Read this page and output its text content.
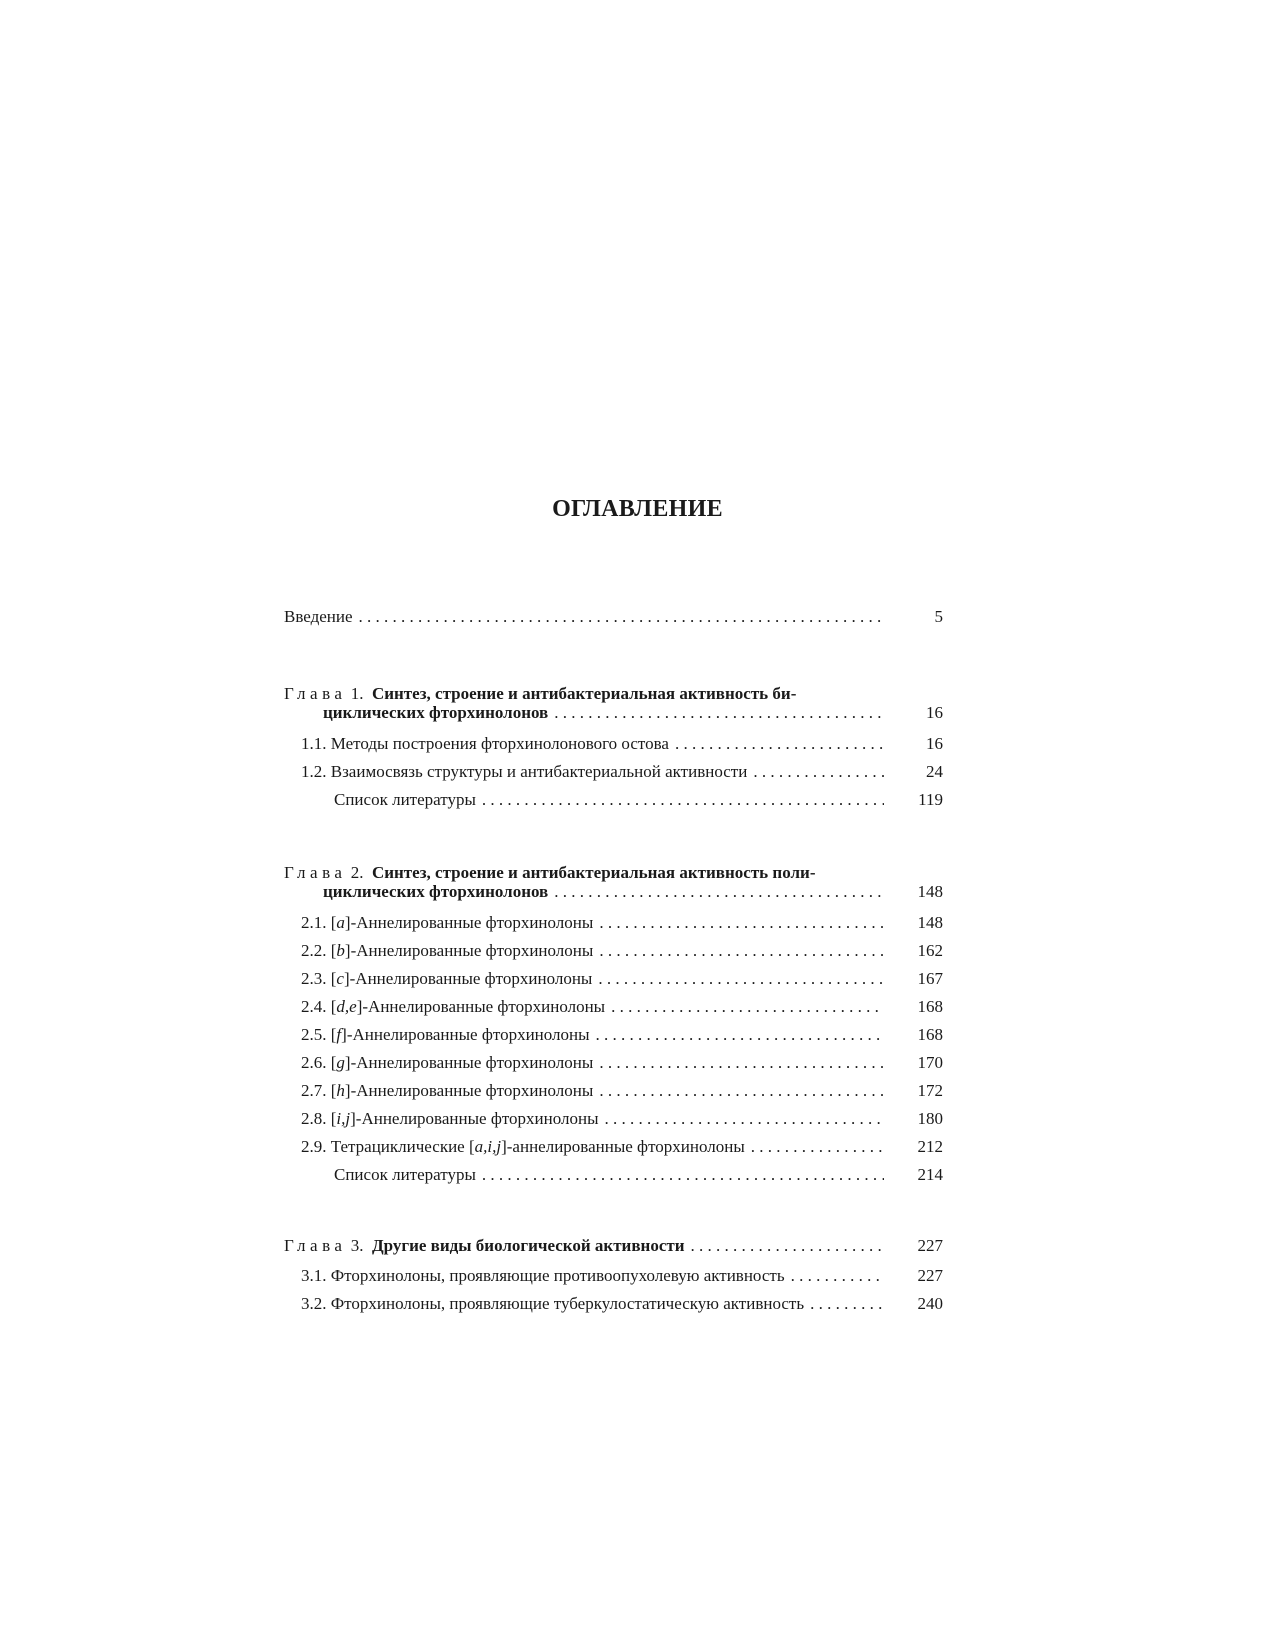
ОГЛАВЛЕНИЕ
Введение . . .	5
Глава 1. Синтез, строение и антибактериальная активность би-
циклических фторхинолонов . . .	16
1.1. Методы построения фторхинолонового остова . . .	16
1.2. Взаимосвязь структуры и антибактериальной активности . . .	24
Список литературы . . .	119
Глава 2. Синтез, строение и антибактериальная активность поли-
циклических фторхинолонов . . .	148
2.1. [a]-Аннелированные фторхинолоны . . .	148
2.2. [b]-Аннелированные фторхинолоны . . .	162
2.3. [c]-Аннелированные фторхинолоны . . .	167
2.4. [d,e]-Аннелированные фторхинолоны . . .	168
2.5. [f]-Аннелированные фторхинолоны . . .	168
2.6. [g]-Аннелированные фторхинолоны . . .	170
2.7. [h]-Аннелированные фторхинолоны . . .	172
2.8. [i,j]-Аннелированные фторхинолоны . . .	180
2.9. Тетрациклические [a,i,j]-аннелированные фторхинолоны . . .	212
Список литературы . . .	214
Глава 3. Другие виды биологической активности . . .	227
3.1. Фторхинолоны, проявляющие противоопухолевую активность . . .	227
3.2. Фторхинолоны, проявляющие туберкулостатическую активность . . .	240
